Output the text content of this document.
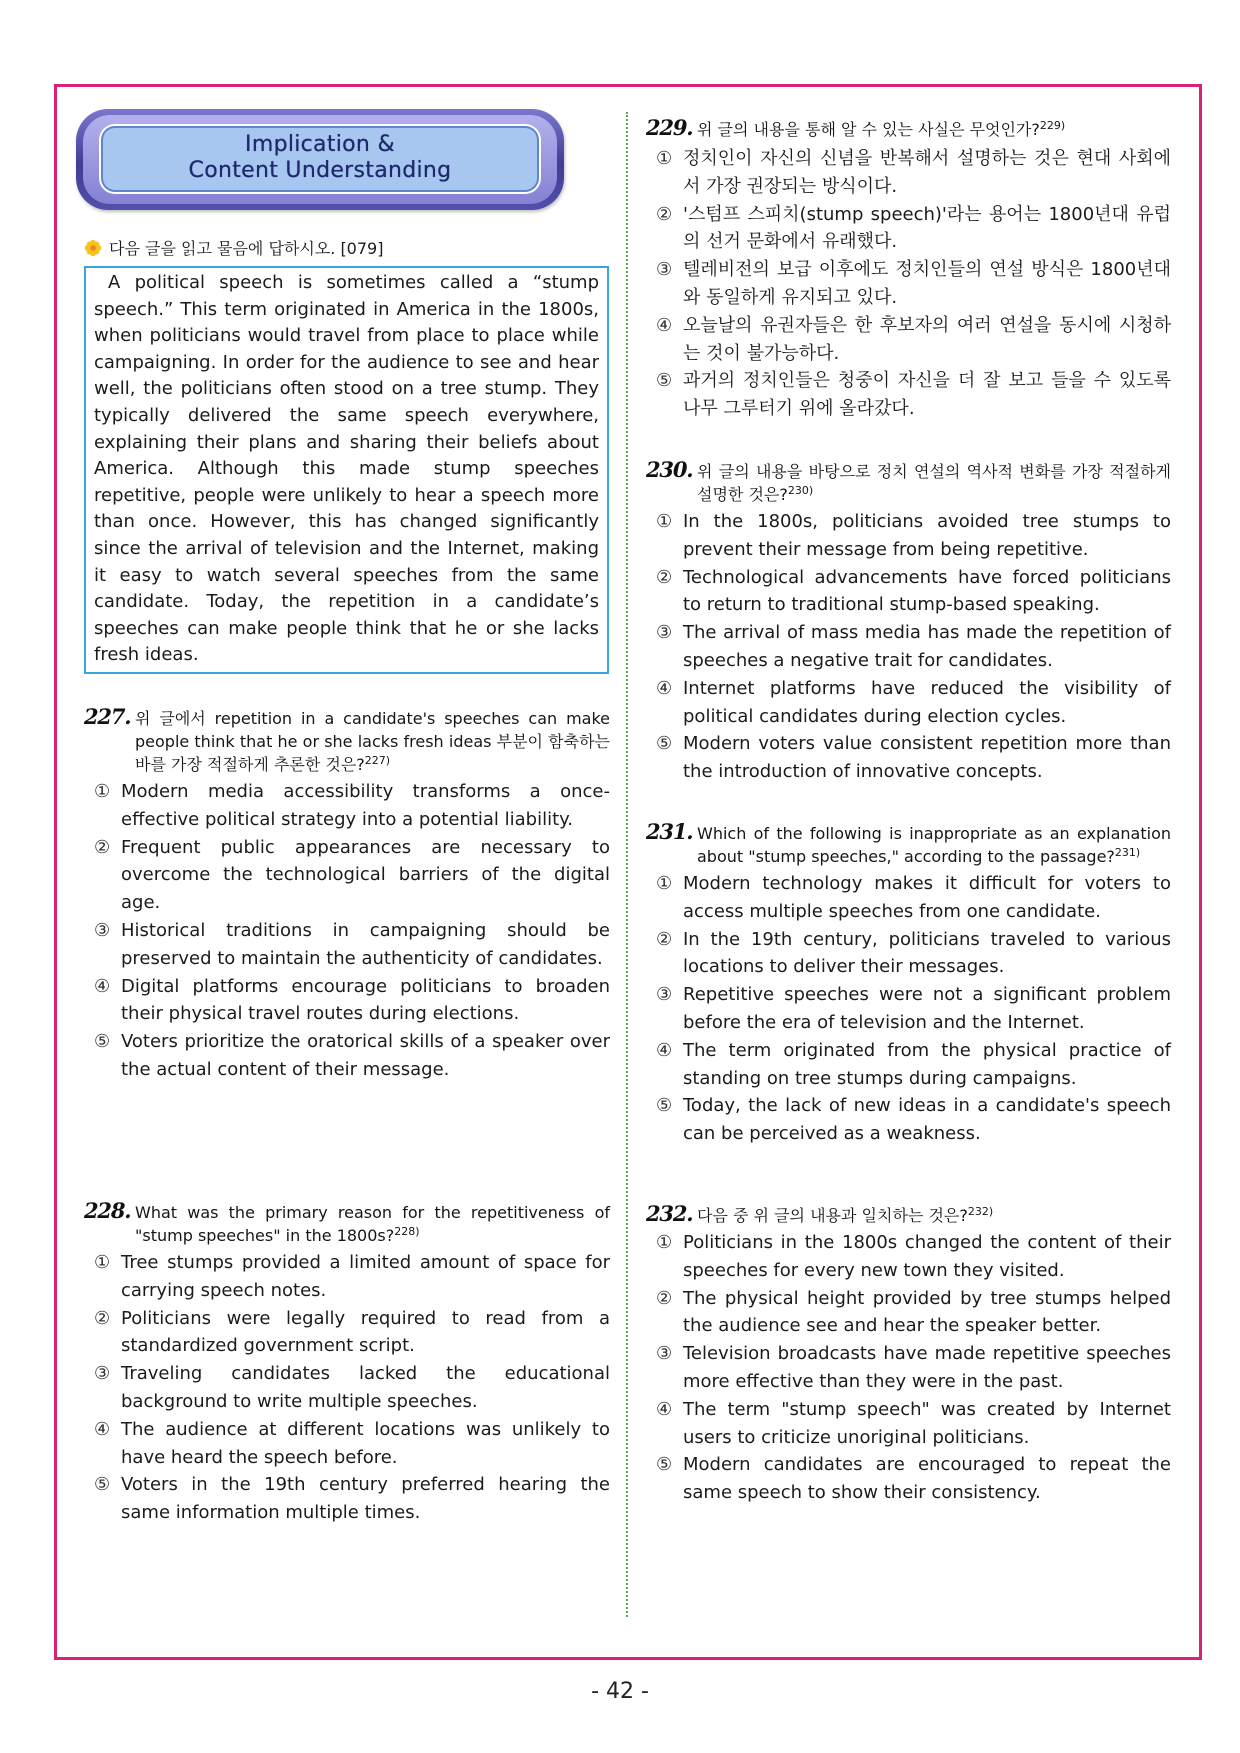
Implication &
Content Understanding
다음 글을 읽고 물음에 답하시오. [079]
A political speech is sometimes called a “stump speech.” This term originated in America in the 1800s, when politicians would travel from place to place while campaigning. In order for the audience to see and hear well, the politicians often stood on a tree stump. They typically delivered the same speech everywhere, explaining their plans and sharing their beliefs about America. Although this made stump speeches repetitive, people were unlikely to hear a speech more than once. However, this has changed significantly since the arrival of television and the Internet, making it easy to watch several speeches from the same candidate. Today, the repetition in a candidate’s speeches can make people think that he or she lacks fresh ideas.
227. 위 글에서 repetition in a candidate's speeches can make people think that he or she lacks fresh ideas 부분이 함축하는 바를 가장 적절하게 추론한 것은?$^{227)}$
① Modern media accessibility transforms a once-effective political strategy into a potential liability.
② Frequent public appearances are necessary to overcome the technological barriers of the digital age.
③ Historical traditions in campaigning should be preserved to maintain the authenticity of candidates.
④ Digital platforms encourage politicians to broaden their physical travel routes during elections.
⑤ Voters prioritize the oratorical skills of a speaker over the actual content of their message.
228. What was the primary reason for the repetitiveness of "stump speeches" in the 1800s?$^{228)}$
① Tree stumps provided a limited amount of space for carrying speech notes.
② Politicians were legally required to read from a standardized government script.
③ Traveling candidates lacked the educational background to write multiple speeches.
④ The audience at different locations was unlikely to have heard the speech before.
⑤ Voters in the 19th century preferred hearing the same information multiple times.
229. 위 글의 내용을 통해 알 수 있는 사실은 무엇인가?$^{229)}$
① 정치인이 자신의 신념을 반복해서 설명하는 것은 현대 사회에서 가장 권장되는 방식이다.
② '스텀프 스피치(stump speech)'라는 용어는 1800년대 유럽의 선거 문화에서 유래했다.
③ 텔레비전의 보급 이후에도 정치인들의 연설 방식은 1800년대와 동일하게 유지되고 있다.
④ 오늘날의 유권자들은 한 후보자의 여러 연설을 동시에 시청하는 것이 불가능하다.
⑤ 과거의 정치인들은 청중이 자신을 더 잘 보고 들을 수 있도록 나무 그루터기 위에 올라갔다.
230. 위 글의 내용을 바탕으로 정치 연설의 역사적 변화를 가장 적절하게 설명한 것은?$^{230)}$
① In the 1800s, politicians avoided tree stumps to prevent their message from being repetitive.
② Technological advancements have forced politicians to return to traditional stump-based speaking.
③ The arrival of mass media has made the repetition of speeches a negative trait for candidates.
④ Internet platforms have reduced the visibility of political candidates during election cycles.
⑤ Modern voters value consistent repetition more than the introduction of innovative concepts.
231. Which of the following is inappropriate as an explanation about "stump speeches," according to the passage?$^{231)}$
① Modern technology makes it difficult for voters to access multiple speeches from one candidate.
② In the 19th century, politicians traveled to various locations to deliver their messages.
③ Repetitive speeches were not a significant problem before the era of television and the Internet.
④ The term originated from the physical practice of standing on tree stumps during campaigns.
⑤ Today, the lack of new ideas in a candidate's speech can be perceived as a weakness.
232. 다음 중 위 글의 내용과 일치하는 것은?$^{232)}$
① Politicians in the 1800s changed the content of their speeches for every new town they visited.
② The physical height provided by tree stumps helped the audience see and hear the speaker better.
③ Television broadcasts have made repetitive speeches more effective than they were in the past.
④ The term "stump speech" was created by Internet users to criticize unoriginal politicians.
⑤ Modern candidates are encouraged to repeat the same speech to show their consistency.
- 42 -
